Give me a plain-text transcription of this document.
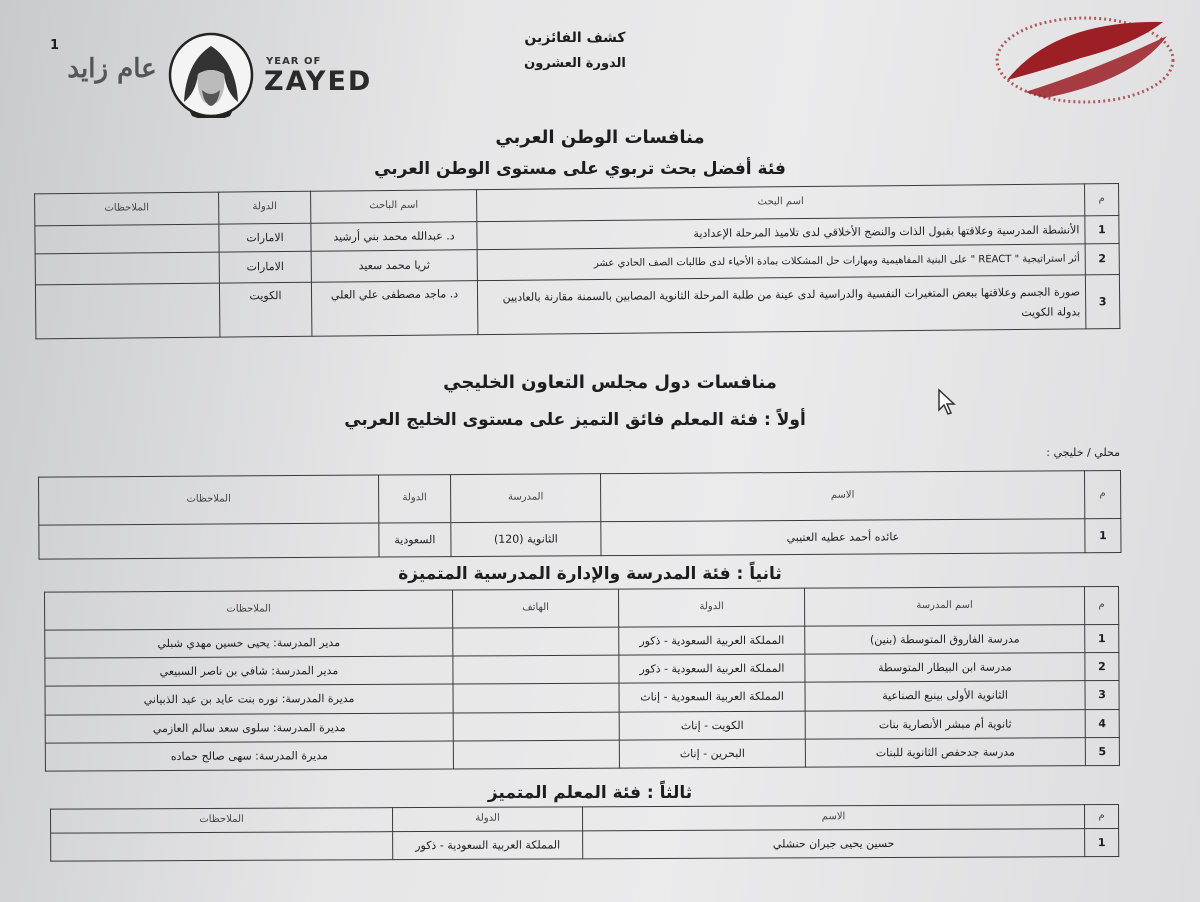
1
عام زايد	YEAR OF
ZAYED
كشف الفائزين
الدورة العشرون
منافسات الوطن العربي
فئة أفضل بحث تربوي على مستوى الوطن العربي
م	اسم البحث	اسم الباحث	الدولة	الملاحظات
1	الأنشطة المدرسية وعلاقتها بقبول الذات والنضج الأخلاقي لدى تلاميذ المرحلة الإعدادية	د. عبدالله محمد بني أرشيد	الامارات	
2	أثر استراتيجية " REACT " على البنية المفاهيمية ومهارات حل المشكلات بمادة الأحياء لدى طالبات الصف الحادي عشر	ثريا محمد سعيد	الامارات	
3	صورة الجسم وعلاقتها ببعض المتغيرات النفسية والدراسية لدى عينة من طلبة المرحلة الثانوية المصابين بالسمنة مقارنة بالعاديين بدولة الكويت	د. ماجد مصطفى علي العلي	الكويت	
منافسات دول مجلس التعاون الخليجي
أولاً : فئة المعلم فائق التميز على مستوى الخليج العربي
محلي / خليجي :
م	الاسم	المدرسة	الدولة	الملاحظات
1	عائده أحمد عطيه العتيبي	الثانوية (120)	السعودية	
ثانياً : فئة المدرسة والإدارة المدرسية المتميزة
م	اسم المدرسة	الدولة	الهاتف	الملاحظات
1	مدرسة الفاروق المتوسطة (بنين)	المملكة العربية السعودية - ذكور		مدير المدرسة: يحيى حسين مهدي شبلي
2	مدرسة ابن البيطار المتوسطة	المملكة العربية السعودية - ذكور		مدير المدرسة: شافي بن ناصر السبيعي
3	الثانوية الأولى بينبع الصناعية	المملكة العربية السعودية - إناث		مديرة المدرسة: نوره بنت عايد بن عيد الذبياني
4	ثانوية أم مبشر الأنصارية بنات	الكويت - إناث		مديرة المدرسة: سلوى سعد سالم العازمي
5	مدرسة جدحفص الثانوية للبنات	البحرين - إناث		مديرة المدرسة: سهى صالح حماده
ثالثاً : فئة المعلم المتميز
م	الاسم	الدولة	الملاحظات
1	حسين يحيى جبران حنشلي	المملكة العربية السعودية - ذكور	
